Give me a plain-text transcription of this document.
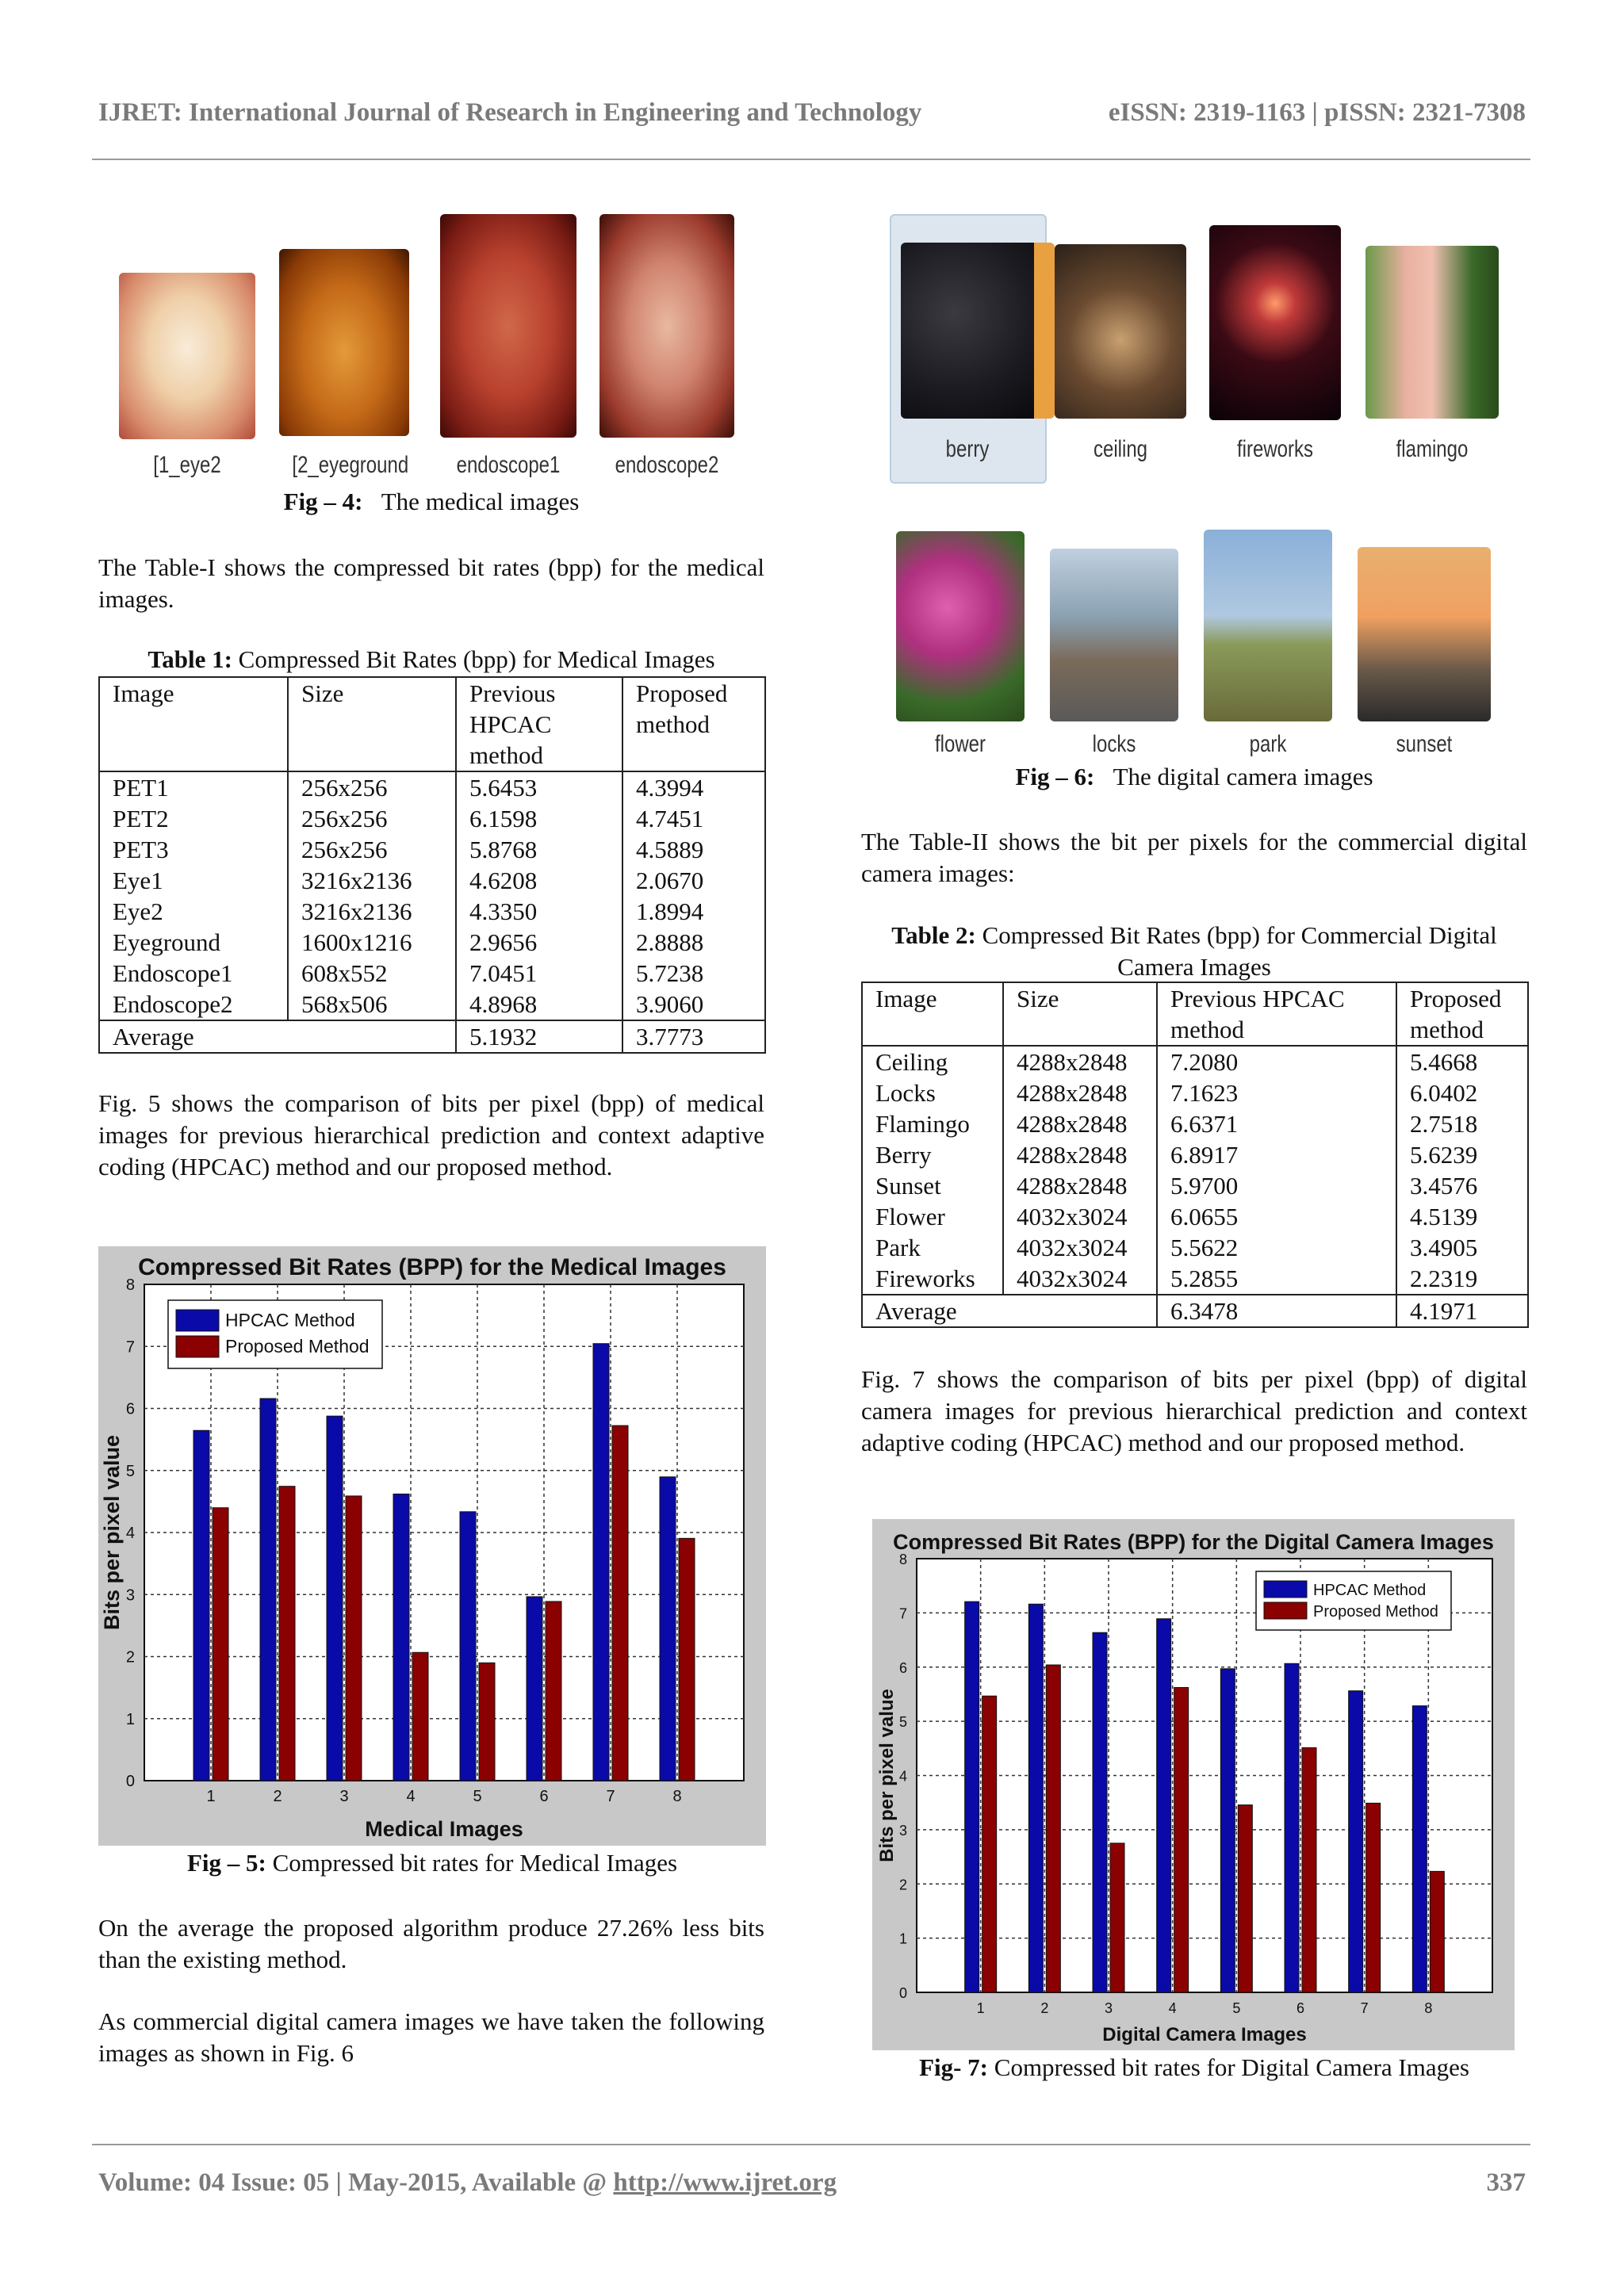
IJRET: International Journal of Research in Engineering and Technology	eISSN: 2319-1163 | pISSN: 2321-7308
[1_eye2	[2_eyeground endoscope1 endoscope2
Fig – 4: The medical images
The Table-I shows the compressed bit rates (bpp) for the medical images.
Table 1: Compressed Bit Rates (bpp) for Medical Images
Image	Size	Previous HPCAC method	Proposed method
PET1	256x256	5.6453	4.3994
PET2	256x256	6.1598	4.7451
PET3	256x256	5.8768	4.5889
Eye1	3216x2136	4.6208	2.0670
Eye2	3216x2136	4.3350	1.8994
Eyeground	1600x1216	2.9656	2.8888
Endoscope1	608x552	7.0451	5.7238
Endoscope2	568x506	4.8968	3.9060
Average		5.1932	3.7773
Fig. 5 shows the comparison of bits per pixel (bpp) of medical images for previous hierarchical prediction and context adaptive coding (HPCAC) method and our proposed method.
Compressed Bit Rates (BPP) for the Medical Images
0
1
2
3
4
5
6
7
8
1	2	3	4	5	6	7	8
Medical Images
Bits per pixel value
HPCAC Method
Proposed Method
Fig – 5: Compressed bit rates for Medical Images
On the average the proposed algorithm produce 27.26% less bits than the existing method.
As commercial digital camera images we have taken the following images as shown in Fig. 6
berry	ceiling	fireworks	flamingo
flower	locks	park	sunset
Fig – 6: The digital camera images
The Table-II shows the bit per pixels for the commercial digital camera images:
Table 2: Compressed Bit Rates (bpp) for Commercial Digital Camera Images
Image	Size	Previous HPCAC method	Proposed method
Ceiling	4288x2848	7.2080	5.4668
Locks	4288x2848	7.1623	6.0402
Flamingo	4288x2848	6.6371	2.7518
Berry	4288x2848	6.8917	5.6239
Sunset	4288x2848	5.9700	3.4576
Flower	4032x3024	6.0655	4.5139
Park	4032x3024	5.5622	3.4905
Fireworks	4032x3024	5.2855	2.2319
Average		6.3478	4.1971
Fig. 7 shows the comparison of bits per pixel (bpp) of digital camera images for previous hierarchical prediction and context adaptive coding (HPCAC) method and our proposed method.
Compressed Bit Rates (BPP) for the Digital Camera Images
0
1
2
3
4
5
6
7
8
1	2	3	4	5	6	7	8
Digital Camera Images
Bits per pixel value
HPCAC Method
Proposed Method
Fig- 7: Compressed bit rates for Digital Camera Images
Volume: 04 Issue: 05 | May-2015, Available @ http://www.ijret.org	337
